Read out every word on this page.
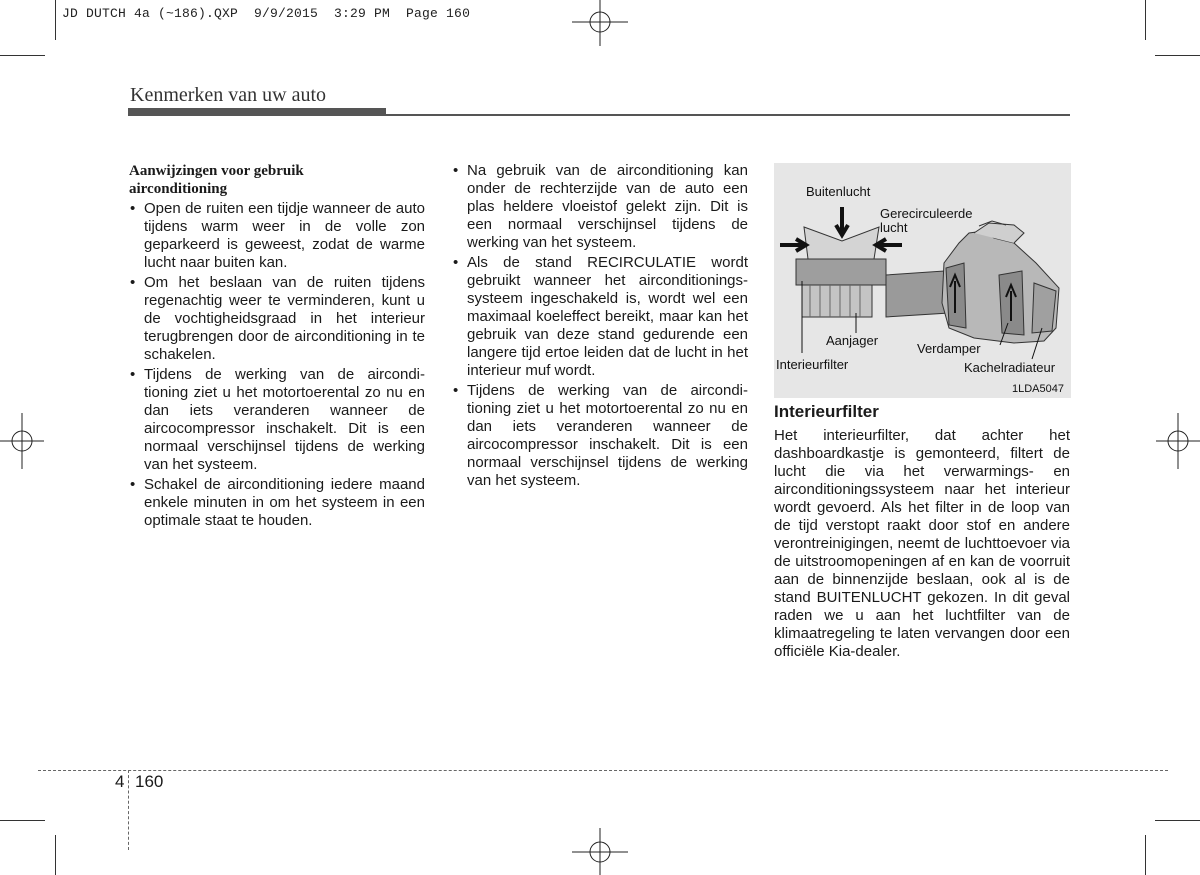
JD DUTCH 4a (~186).QXP  9/9/2015  3:29 PM  Page 160
Kenmerken van uw auto
Aanwijzingen voor gebruik
airconditioning
• Open de ruiten een tijdje wanneer de auto tijdens warm weer in de volle zon geparkeerd is geweest, zodat de warme lucht naar buiten kan.
• Om het beslaan van de ruiten tijdens regenachtig weer te verminderen, kunt u de vochtigheidsgraad in het interieur terugbrengen door de airconditioning in te schakelen.
• Tijdens de werking van de aircondi- tioning ziet u het motortoerental zo nu en dan iets veranderen wanneer de aircocompressor inschakelt. Dit is een normaal verschijnsel tijdens de werking van het systeem.
• Schakel de airconditioning iedere maand enkele minuten in om het systeem in een optimale staat te houden.
• Na gebruik van de airconditioning kan onder de rechterzijde van de auto een plas heldere vloeistof gelekt zijn. Dit is een normaal verschijnsel tijdens de werking van het systeem.
• Als de stand RECIRCULATIE wordt gebruikt wanneer het airconditionings- systeem ingeschakeld is, wordt wel een maximaal koeleffect bereikt, maar kan het gebruik van deze stand gedurende een langere tijd ertoe leiden dat de lucht in het interieur muf wordt.
• Tijdens de werking van de aircondi- tioning ziet u het motortoerental zo nu en dan iets veranderen wanneer de aircocompressor inschakelt. Dit is een normaal verschijnsel tijdens de werking van het systeem.
Buitenlucht
Gerecirculeerde
lucht
Aanjager
Verdamper
Interieurfilter	Kachelradiateur
1LDA5047
Interieurfilter

Het interieurfilter, dat achter het dashboardkastje is gemonteerd, filtert de lucht die via het verwarmings- en airconditioningssysteem naar het interieur wordt gevoerd. Als het filter in de loop van de tijd verstopt raakt door stof en andere verontreinigingen, neemt de luchttoevoer via de uitstroomopeningen af en kan de voorruit aan de binnenzijde beslaan, ook al is de stand BUITENLUCHT gekozen. In dit geval raden we u aan het luchtfilter van de klimaatregeling te laten vervangen door een officiële Kia-dealer.

4 160
